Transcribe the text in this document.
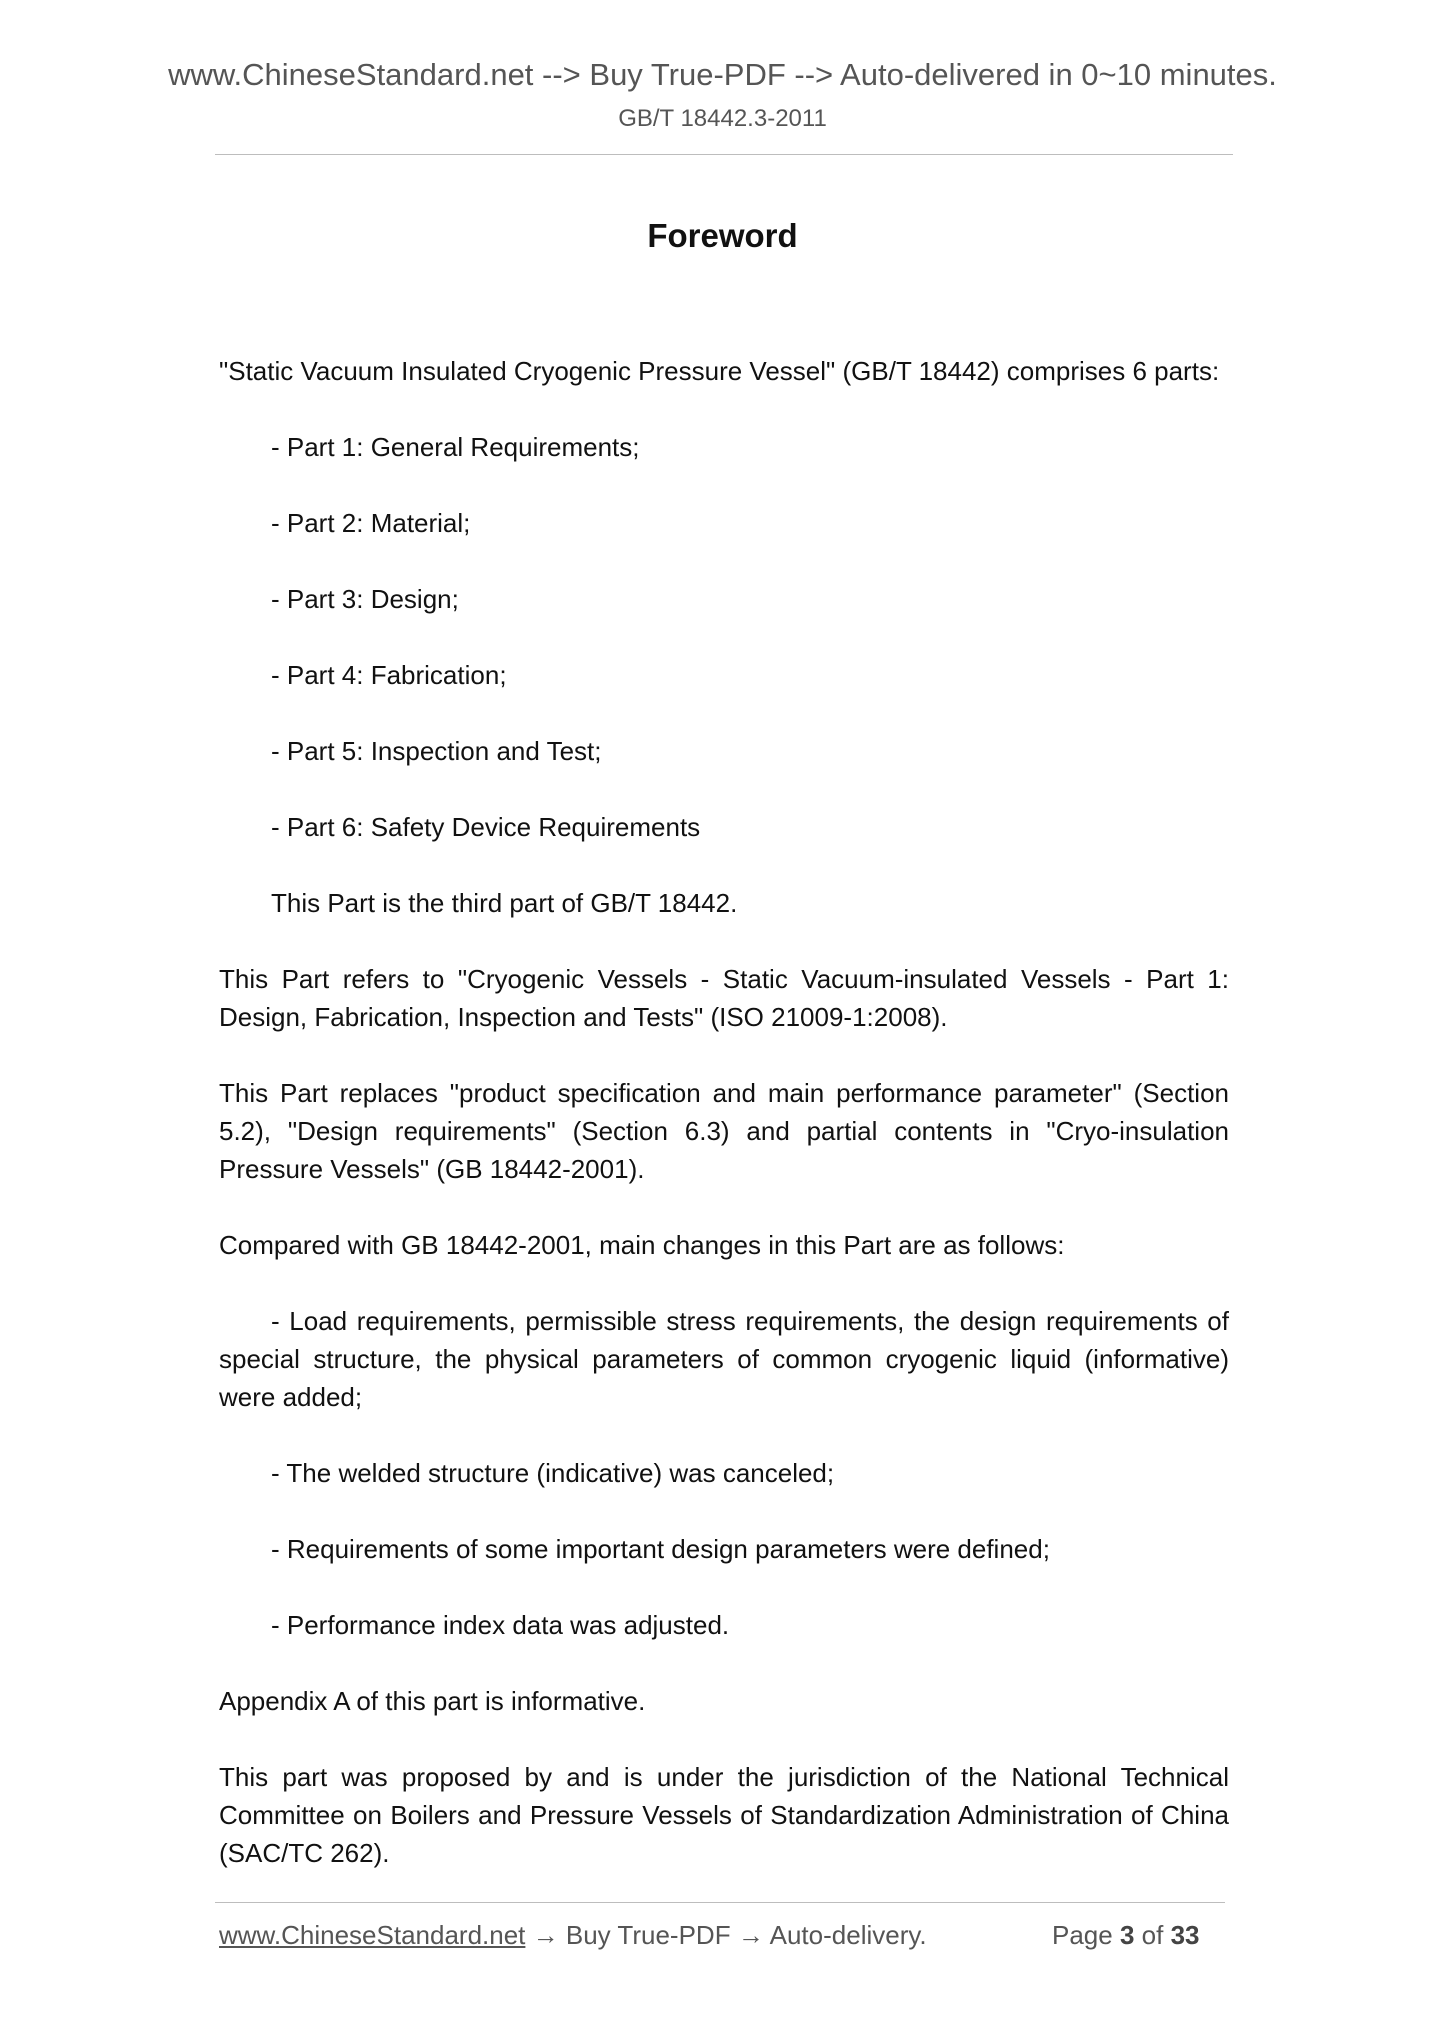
www.ChineseStandard.net --> Buy True-PDF --> Auto-delivered in 0~10 minutes.
GB/T 18442.3-2011
Foreword

"Static Vacuum Insulated Cryogenic Pressure Vessel" (GB/T 18442) comprises 6 parts:

- Part 1: General Requirements;

- Part 2: Material;

- Part 3: Design;

- Part 4: Fabrication;

- Part 5: Inspection and Test;

- Part 6: Safety Device Requirements

This Part is the third part of GB/T 18442.

This Part refers to "Cryogenic Vessels - Static Vacuum-insulated Vessels - Part 1: Design, Fabrication, Inspection and Tests" (ISO 21009-1:2008).

This Part replaces "product specification and main performance parameter" (Section 5.2), "Design requirements" (Section 6.3) and partial contents in "Cryo-insulation Pressure Vessels" (GB 18442-2001).

Compared with GB 18442-2001, main changes in this Part are as follows:

- Load requirements, permissible stress requirements, the design requirements of special structure, the physical parameters of common cryogenic liquid (informative) were added;

- The welded structure (indicative) was canceled;

- Requirements of some important design parameters were defined;

- Performance index data was adjusted.

Appendix A of this part is informative.

This part was proposed by and is under the jurisdiction of the National Technical Committee on Boilers and Pressure Vessels of Standardization Administration of China (SAC/TC 262).

www.ChineseStandard.net → Buy True-PDF → Auto-delivery.	Page 3 of 33
